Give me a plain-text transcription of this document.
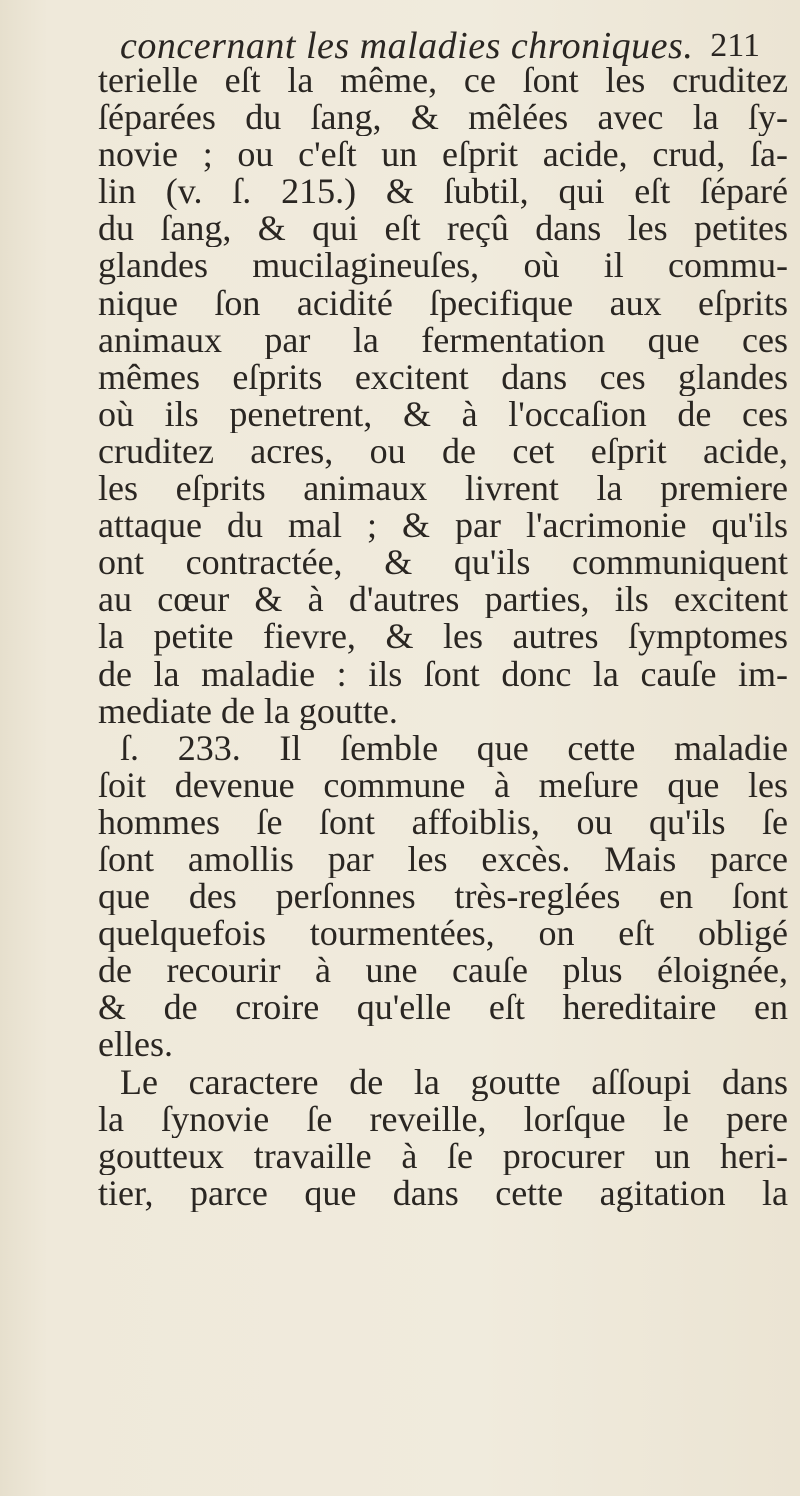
concernant les maladies chroniques. 211
terielle eſt la même, ce ſont les cruditez
ſéparées du ſang, & mêlées avec la ſy-
novie ; ou c'eſt un eſprit acide, crud, ſa-
lin (v. ſ. 215.) & ſubtil, qui eſt ſéparé
du ſang, & qui eſt reçû dans les petites
glandes mucilagineuſes, où il commu-
nique ſon acidité ſpecifique aux eſprits
animaux par la fermentation que ces
mêmes eſprits excitent dans ces glandes
où ils penetrent, & à l'occaſion de ces
cruditez acres, ou de cet eſprit acide,
les eſprits animaux livrent la premiere
attaque du mal ; & par l'acrimonie qu'ils
ont contractée, & qu'ils communiquent
au cœur & à d'autres parties, ils excitent
la petite fievre, & les autres ſymptomes
de la maladie : ils ſont donc la cauſe im-
mediate de la goutte.
ſ. 233. Il ſemble que cette maladie
ſoit devenue commune à meſure que les
hommes ſe ſont affoiblis, ou qu'ils ſe
ſont amollis par les excès. Mais parce
que des perſonnes très-reglées en ſont
quelquefois tourmentées, on eſt obligé
de recourir à une cauſe plus éloignée,
& de croire qu'elle eſt hereditaire en
elles.
Le caractere de la goutte aſſoupi dans
la ſynovie ſe reveille, lorſque le pere
goutteux travaille à ſe procurer un heri-
tier, parce que dans cette agitation la
